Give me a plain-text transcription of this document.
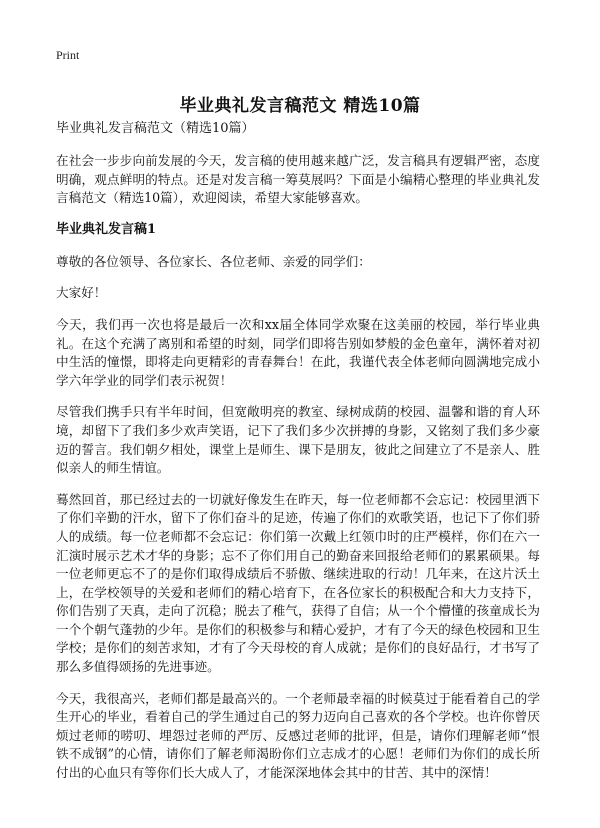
Print
毕业典礼发言稿范文 精选10篇
毕业典礼发言稿范文（精选10篇）

在社会一步步向前发展的今天，发言稿的使用越来越广泛，发言稿具有逻辑严密，态度明确，观点鲜明的特点。还是对发言稿一筹莫展吗？下面是小编精心整理的毕业典礼发言稿范文（精选10篇），欢迎阅读，希望大家能够喜欢。

毕业典礼发言稿1

尊敬的各位领导、各位家长、各位老师、亲爱的同学们：

大家好！

今天，我们再一次也将是最后一次和xx届全体同学欢聚在这美丽的校园，举行毕业典礼。在这个充满了离别和希望的时刻，同学们即将告别如梦般的金色童年，满怀着对初中生活的憧憬，即将走向更精彩的青春舞台！在此，我谨代表全体老师向圆满地完成小学六年学业的同学们表示祝贺！

尽管我们携手只有半年时间，但宽敞明亮的教室、绿树成荫的校园、温馨和谐的育人环境，却留下了我们多少欢声笑语，记下了我们多少次拼搏的身影，又铭刻了我们多少豪迈的誓言。我们朝夕相处，课堂上是师生、课下是朋友，彼此之间建立了不是亲人、胜似亲人的师生情谊。

蓦然回首，那已经过去的一切就好像发生在昨天，每一位老师都不会忘记：校园里洒下了你们辛勤的汗水，留下了你们奋斗的足迹，传遍了你们的欢歌笑语，也记下了你们骄人的成绩。每一位老师都不会忘记：你们第一次戴上红领巾时的庄严模样，你们在六一汇演时展示艺术才华的身影；忘不了你们用自己的勤奋来回报给老师们的累累硕果。每一位老师更忘不了的是你们取得成绩后不骄傲、继续进取的行动！几年来，在这片沃土上，在学校领导的关爱和老师们的精心培育下，在各位家长的积极配合和大力支持下，你们告别了天真，走向了沉稳；脱去了稚气，获得了自信；从一个个懵懂的孩童成长为一个个朝气蓬勃的少年。是你们的积极参与和精心爱护，才有了今天的绿色校园和卫生学校；是你们的刻苦求知，才有了今天母校的育人成就；是你们的良好品行，才书写了那么多值得颂扬的先进事迹。

今天，我很高兴，老师们都是最高兴的。一个老师最幸福的时候莫过于能看着自己的学生开心的毕业，看着自己的学生通过自己的努力迈向自己喜欢的各个学校。也许你曾厌烦过老师的唠叨、埋怨过老师的严厉、反感过老师的批评，但是，请你们理解老师“恨铁不成钢”的心情，请你们了解老师渴盼你们立志成才的心愿！老师们为你们的成长所付出的心血只有等你们长大成人了，才能深深地体会其中的甘苦、其中的深情！
